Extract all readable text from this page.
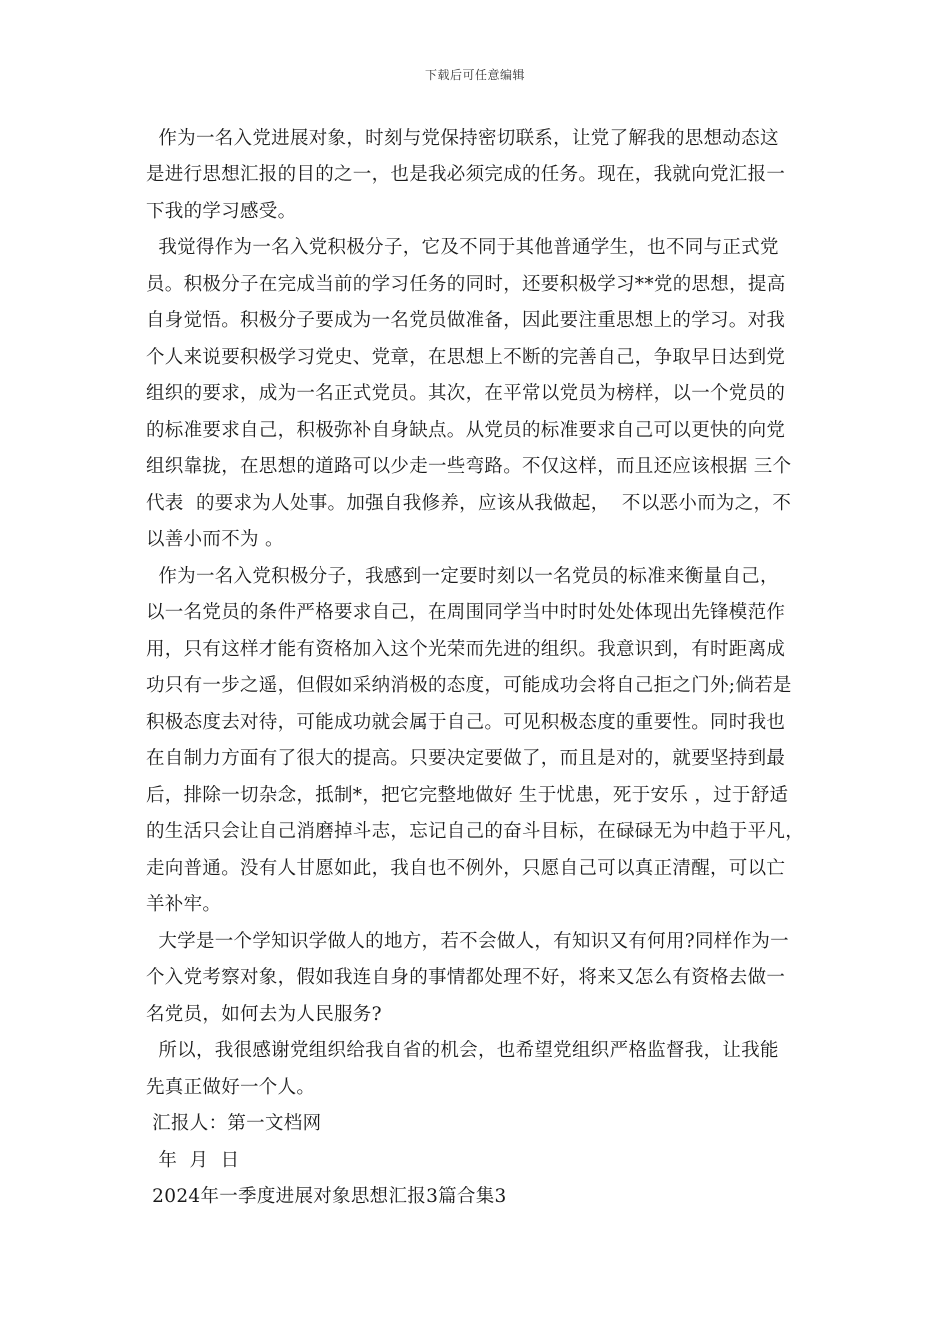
下载后可任意编辑
作为一名入党进展对象，时刻与党保持密切联系，让党了解我的思想动态这
是进行思想汇报的目的之一，也是我必须完成的任务。现在，我就向党汇报一
下我的学习感受。
我觉得作为一名入党积极分子，它及不同于其他普通学生，也不同与正式党
员。积极分子在完成当前的学习任务的同时，还要积极学习**党的思想，提高
自身觉悟。积极分子要成为一名党员做准备，因此要注重思想上的学习。对我
个人来说要积极学习党史、党章，在思想上不断的完善自己，争取早日达到党
组织的要求，成为一名正式党员。其次，在平常以党员为榜样，以一个党员的
的标准要求自己，积极弥补自身缺点。从党员的标准要求自己可以更快的向党
组织靠拢，在思想的道路可以少走一些弯路。不仅这样，而且还应该根据 三个
代表  的要求为人处事。加强自我修养，应该从我做起，  不以恶小而为之，不
以善小而不为 。
作为一名入党积极分子，我感到一定要时刻以一名党员的标准来衡量自己，
以一名党员的条件严格要求自己，在周围同学当中时时处处体现出先锋模范作
用，只有这样才能有资格加入这个光荣而先进的组织。我意识到，有时距离成
功只有一步之遥，但假如采纳消极的态度，可能成功会将自己拒之门外;倘若是
积极态度去对待，可能成功就会属于自己。可见积极态度的重要性。同时我也
在自制力方面有了很大的提高。只要决定要做了，而且是对的，就要坚持到最
后，排除一切杂念，抵制*，把它完整地做好 生于忧患，死于安乐 ，过于舒适
的生活只会让自己消磨掉斗志，忘记自己的奋斗目标，在碌碌无为中趋于平凡，
走向普通。没有人甘愿如此，我自也不例外，只愿自己可以真正清醒，可以亡
羊补牢。
大学是一个学知识学做人的地方，若不会做人，有知识又有何用?同样作为一
个入党考察对象，假如我连自身的事情都处理不好，将来又怎么有资格去做一
名党员，如何去为人民服务?
所以，我很感谢党组织给我自省的机会，也希望党组织严格监督我，让我能
先真正做好一个人。
汇报人：第一文档网
年  月  日
2024年一季度进展对象思想汇报3篇合集3
